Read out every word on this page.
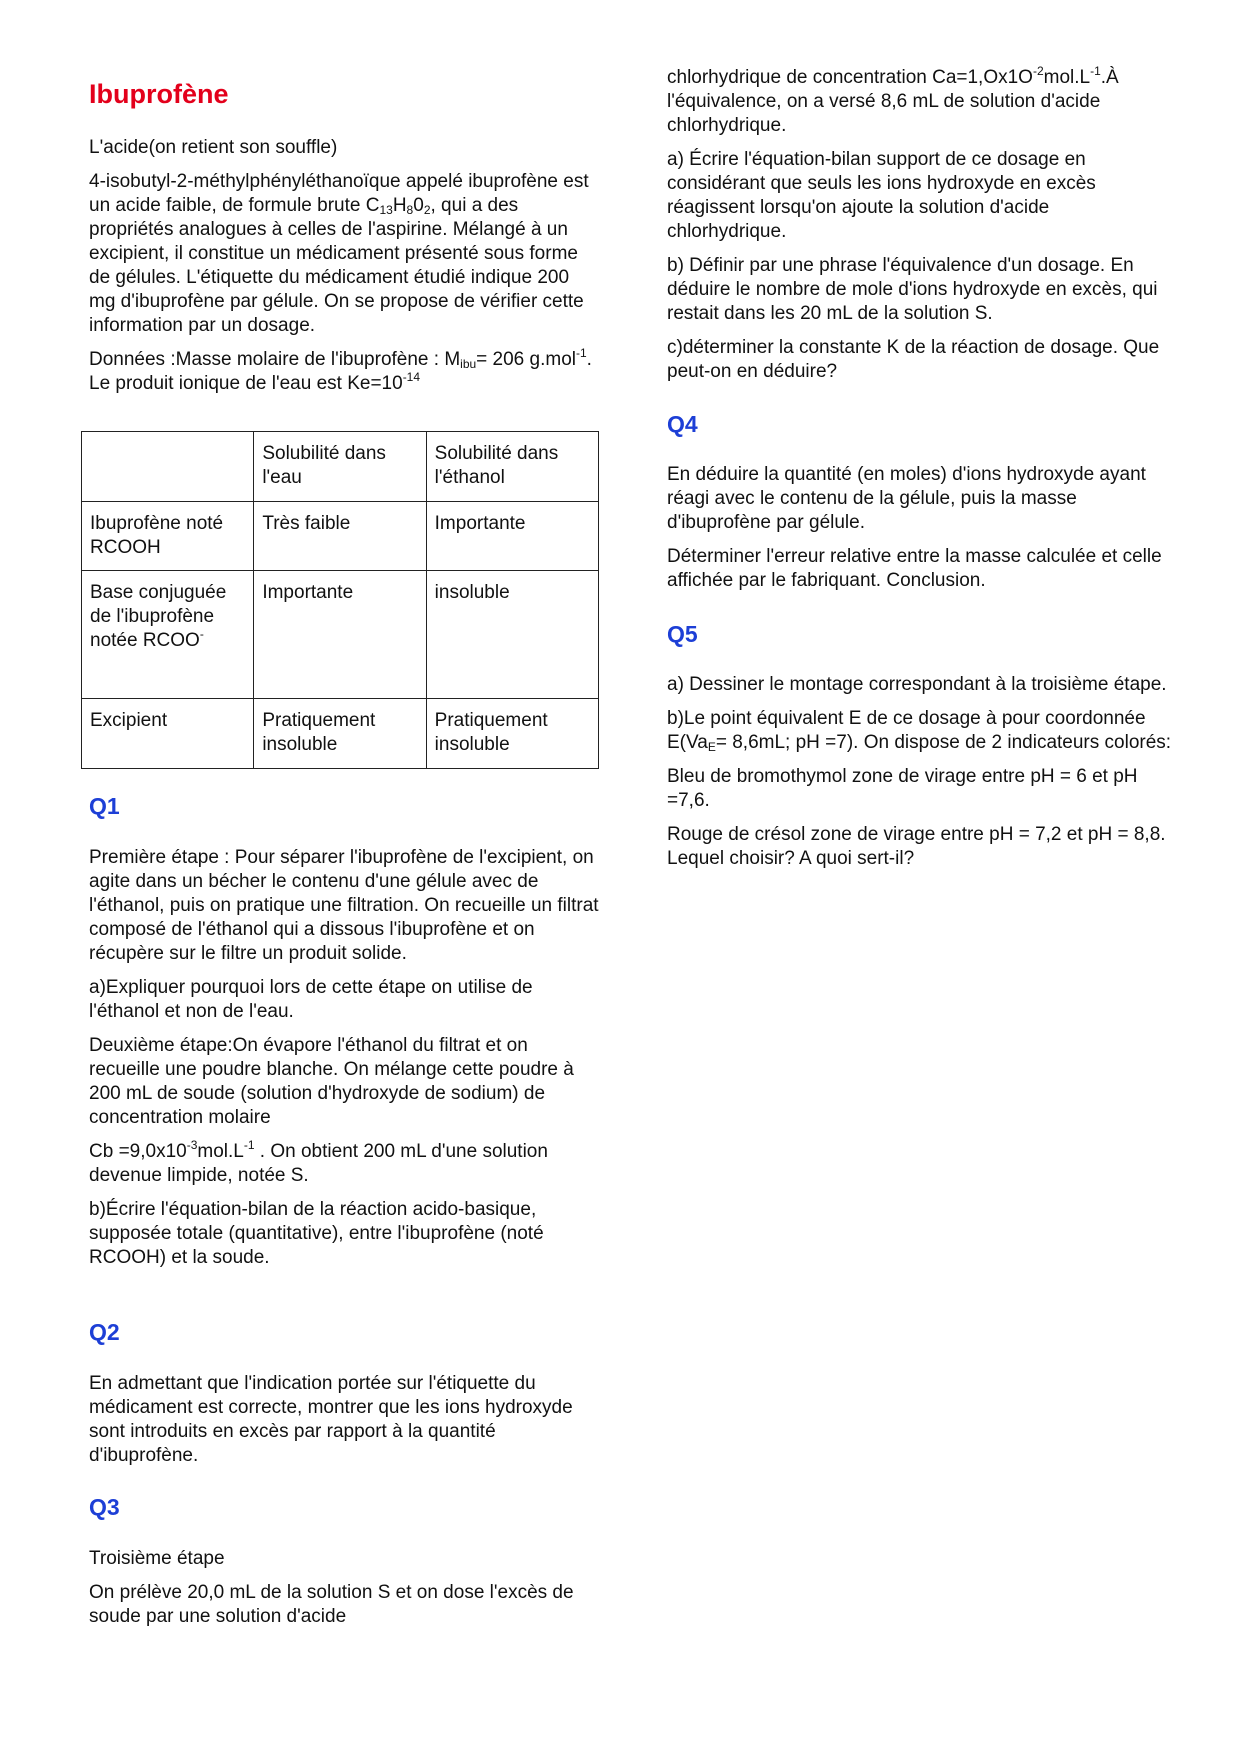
Ibuprofène

L'acide(on retient son souffle)

4-isobutyl-2-méthylphényléthanoïque appelé ibuprofène est un acide faible, de formule brute $C_{13}H_80_2$, qui a des propriétés analogues à celles de l'aspirine. Mélangé à un excipient, il constitue un médicament présenté sous forme de gélules. L'étiquette du médicament étudié indique 200 mg d'ibuprofène par gélule. On se propose de vérifier cette information par un dosage.

Données :Masse molaire de l'ibuprofène : $M_{ibu}= 206$ g.mol$^{-1}$. Le produit ionique de l'eau est $Ke=10^{-14}$

	Solubilité dans l'eau	Solubilité dans l'éthanol
Ibuprofène noté RCOOH	Très faible	Importante
Base conjuguée de l'ibuprofène notée RCOO-	Importante	insoluble
Excipient	Pratiquement insoluble	Pratiquement insoluble
Q1

Première étape : Pour séparer l'ibuprofène de l'excipient, on agite dans un bécher le contenu d'une gélule avec de l'éthanol, puis on pratique une filtration. On recueille un filtrat composé de l'éthanol qui a dissous l'ibuprofène et on récupère sur le filtre un produit solide.

a)Expliquer pourquoi lors de cette étape on utilise de l'éthanol et non de l'eau.

Deuxième étape:On évapore l'éthanol du filtrat et on recueille une poudre blanche. On mélange cette poudre à 200 mL de soude (solution d'hydroxyde de sodium) de concentration molaire

$Cb =9,0x10^{-3}mol.L^{-1}$ . On obtient 200 mL d'une solution devenue limpide, notée S.

b)Écrire l'équation-bilan de la réaction acido-basique, supposée totale (quantitative), entre l'ibuprofène (noté RCOOH) et la soude.

Q2

En admettant que l'indication portée sur l'étiquette du médicament est correcte, montrer que les ions hydroxyde sont introduits en excès par rapport à la quantité d'ibuprofène.

Q3

Troisième étape

On prélève 20,0 mL de la solution S et on dose l'excès de soude par une solution d'acide

chlorhydrique de concentration $Ca=1,Ox1O^{-2}mol.L^{-1}.À$ l'équivalence, on a versé 8,6 mL de solution d'acide chlorhydrique.

a) Écrire l'équation-bilan support de ce dosage en considérant que seuls les ions hydroxyde en excès réagissent lorsqu'on ajoute la solution d'acide chlorhydrique.

b) Définir par une phrase l'équivalence d'un dosage. En déduire le nombre de mole d'ions hydroxyde en excès, qui restait dans les 20 mL de la solution S.

c)déterminer la constante K de la réaction de dosage. Que peut-on en déduire?

Q4

En déduire la quantité (en moles) d'ions hydroxyde ayant réagi avec le contenu de la gélule, puis la masse d'ibuprofène par gélule.

Déterminer l'erreur relative entre la masse calculée et celle affichée par le fabriquant. Conclusion.

Q5

a) Dessiner le montage correspondant à la troisième étape.

b)Le point équivalent E de ce dosage à pour coordonnée $E(Va_E= 8,6mL$; pH =7). On dispose de 2 indicateurs colorés:

Bleu de bromothymol zone de virage entre pH = 6 et pH =7,6.

Rouge de crésol zone de virage entre pH = 7,2 et pH = 8,8. Lequel choisir? A quoi sert-il?
